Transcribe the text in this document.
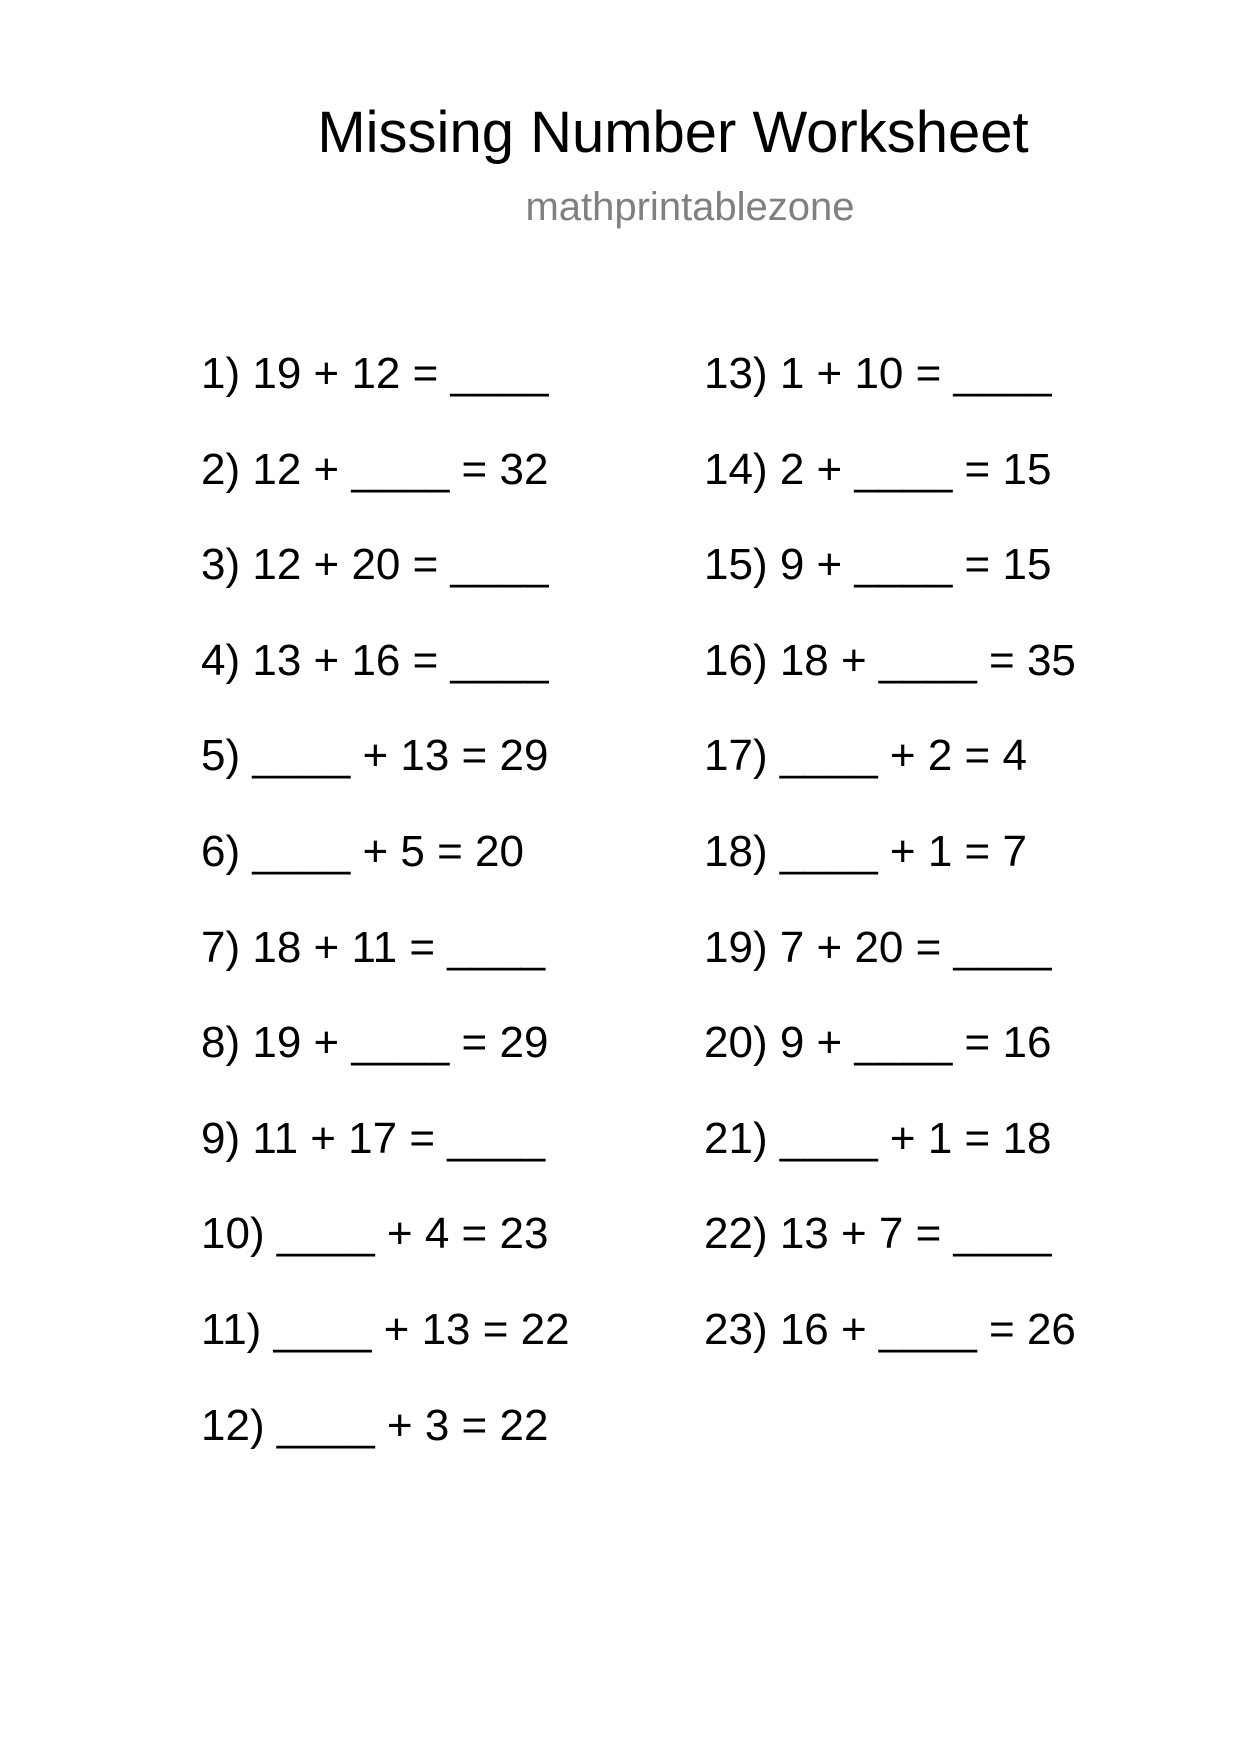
Missing Number Worksheet
mathprintablezone
1) 19 + 12 = ____
2) 12 + ____ = 32
3) 12 + 20 = ____
4) 13 + 16 = ____
5) ____ + 13 = 29
6) ____ + 5 = 20
7) 18 + 11 = ____
8) 19 + ____ = 29
9) 11 + 17 = ____
10) ____ + 4 = 23
11) ____ + 13 = 22
12) ____ + 3 = 22
13) 1 + 10 = ____
14) 2 + ____ = 15
15) 9 + ____ = 15
16) 18 + ____ = 35
17) ____ + 2 = 4
18) ____ + 1 = 7
19) 7 + 20 = ____
20) 9 + ____ = 16
21) ____ + 1 = 18
22) 13 + 7 = ____
23) 16 + ____ = 26
